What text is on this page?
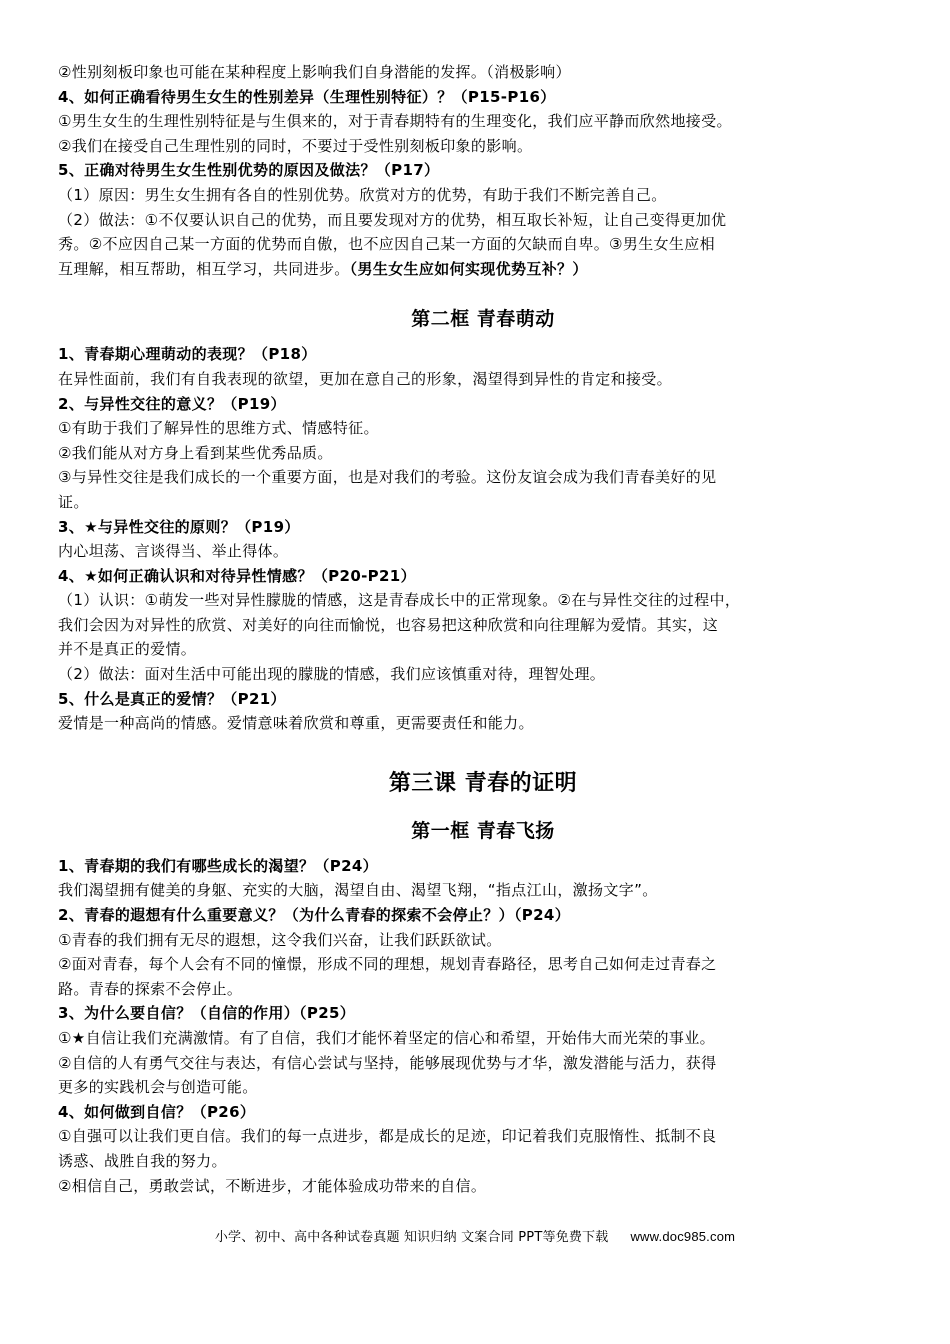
②性别刻板印象也可能在某种程度上影响我们自身潜能的发挥。（消极影响）
4、如何正确看待男生女生的性别差异（生理性别特征）？（P15-P16）
①男生女生的生理性别特征是与生俱来的，对于青春期特有的生理变化，我们应平静而欣然地接受。
②我们在接受自己生理性别的同时，不要过于受性别刻板印象的影响。
5、正确对待男生女生性别优势的原因及做法？（P17）
（1）原因：男生女生拥有各自的性别优势。欣赏对方的优势，有助于我们不断完善自己。
（2）做法：①不仅要认识自己的优势，而且要发现对方的优势，相互取长补短，让自己变得更加优
秀。②不应因自己某一方面的优势而自傲，也不应因自己某一方面的欠缺而自卑。③男生女生应相
互理解，相互帮助，相互学习，共同进步。（男生女生应如何实现优势互补？）
第二框 青春萌动
1、青春期心理萌动的表现？（P18）
在异性面前，我们有自我表现的欲望，更加在意自己的形象，渴望得到异性的肯定和接受。
2、与异性交往的意义？（P19）
①有助于我们了解异性的思维方式、情感特征。
②我们能从对方身上看到某些优秀品质。
③与异性交往是我们成长的一个重要方面，也是对我们的考验。这份友谊会成为我们青春美好的见
证。
3、★与异性交往的原则？（P19）
内心坦荡、言谈得当、举止得体。
4、★如何正确认识和对待异性情感？（P20-P21）
（1）认识：①萌发一些对异性朦胧的情感，这是青春成长中的正常现象。②在与异性交往的过程中，
我们会因为对异性的欣赏、对美好的向往而愉悦，也容易把这种欣赏和向往理解为爱情。其实，这
并不是真正的爱情。
（2）做法：面对生活中可能出现的朦胧的情感，我们应该慎重对待，理智处理。
5、什么是真正的爱情？（P21）
爱情是一种高尚的情感。爱情意味着欣赏和尊重，更需要责任和能力。
第三课 青春的证明
第一框 青春飞扬
1、青春期的我们有哪些成长的渴望？（P24）
我们渴望拥有健美的身躯、充实的大脑，渴望自由、渴望飞翔，“指点江山，激扬文字”。
2、青春的遐想有什么重要意义？（为什么青春的探索不会停止？）（P24）
①青春的我们拥有无尽的遐想，这令我们兴奋，让我们跃跃欲试。
②面对青春，每个人会有不同的憧憬，形成不同的理想，规划青春路径，思考自己如何走过青春之
路。青春的探索不会停止。
3、为什么要自信？（自信的作用）（P25）
①★自信让我们充满激情。有了自信，我们才能怀着坚定的信心和希望，开始伟大而光荣的事业。
②自信的人有勇气交往与表达，有信心尝试与坚持，能够展现优势与才华，激发潜能与活力，获得
更多的实践机会与创造可能。
4、如何做到自信？（P26）
①自强可以让我们更自信。我们的每一点进步，都是成长的足迹，印记着我们克服惰性、抵制不良
诱惑、战胜自我的努力。
②相信自己，勇敢尝试，不断进步，才能体验成功带来的自信。
小学、初中、高中各种试卷真题 知识归纳 文案合同 PPT等免费下载 www.doc985.com
